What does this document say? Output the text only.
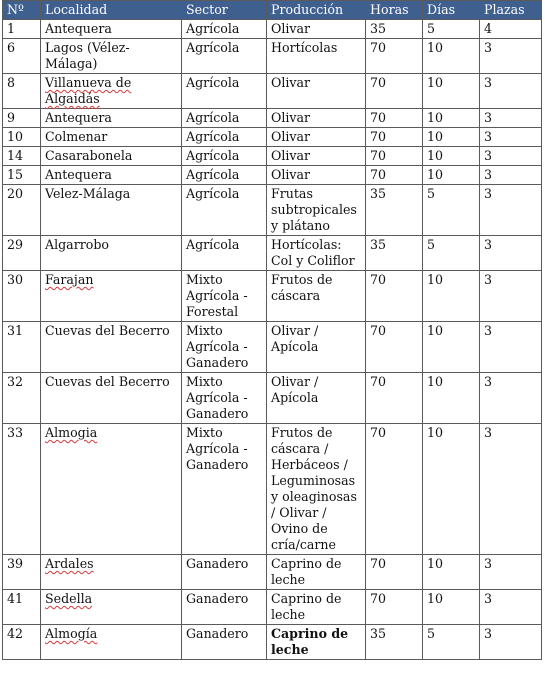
Nº	Localidad	Sector	Producción	Horas	Días	Plazas
1	Antequera	Agrícola	Olivar	35	5	4
6	Lagos (Vélez-Málaga)	Agrícola	Hortícolas	70	10	3
8	Villanueva de Algaidás	Agrícola	Olivar	70	10	3
9	Antequera	Agrícola	Olivar	70	10	3
10	Colmenar	Agrícola	Olivar	70	10	3
14	Casarabonela	Agrícola	Olivar	70	10	3
15	Antequera	Agrícola	Olivar	70	10	3
20	Velez-Málaga	Agrícola	Frutas subtropicales y plátano	35	5	3
29	Algarrobo	Agrícola	Hortícolas: Col y Coliflor	35	5	3
30	Farajan	Mixto Agrícola - Forestal	Frutos de cáscara	70	10	3
31	Cuevas del Becerro	Mixto Agrícola - Ganadero	Olivar / Apícola	70	10	3
32	Cuevas del Becerro	Mixto Agrícola - Ganadero	Olivar / Apícola	70	10	3
33	Almogia	Mixto Agrícola - Ganadero	Frutos de cáscara / Herbáceos / Leguminosas y oleaginosas / Olivar / Ovino de cría/carne	70	10	3
39	Ardales	Ganadero	Caprino de leche	70	10	3
41	Sedella	Ganadero	Caprino de leche	70	10	3
42	Almogía	Ganadero	Caprino de leche	35	5	3
